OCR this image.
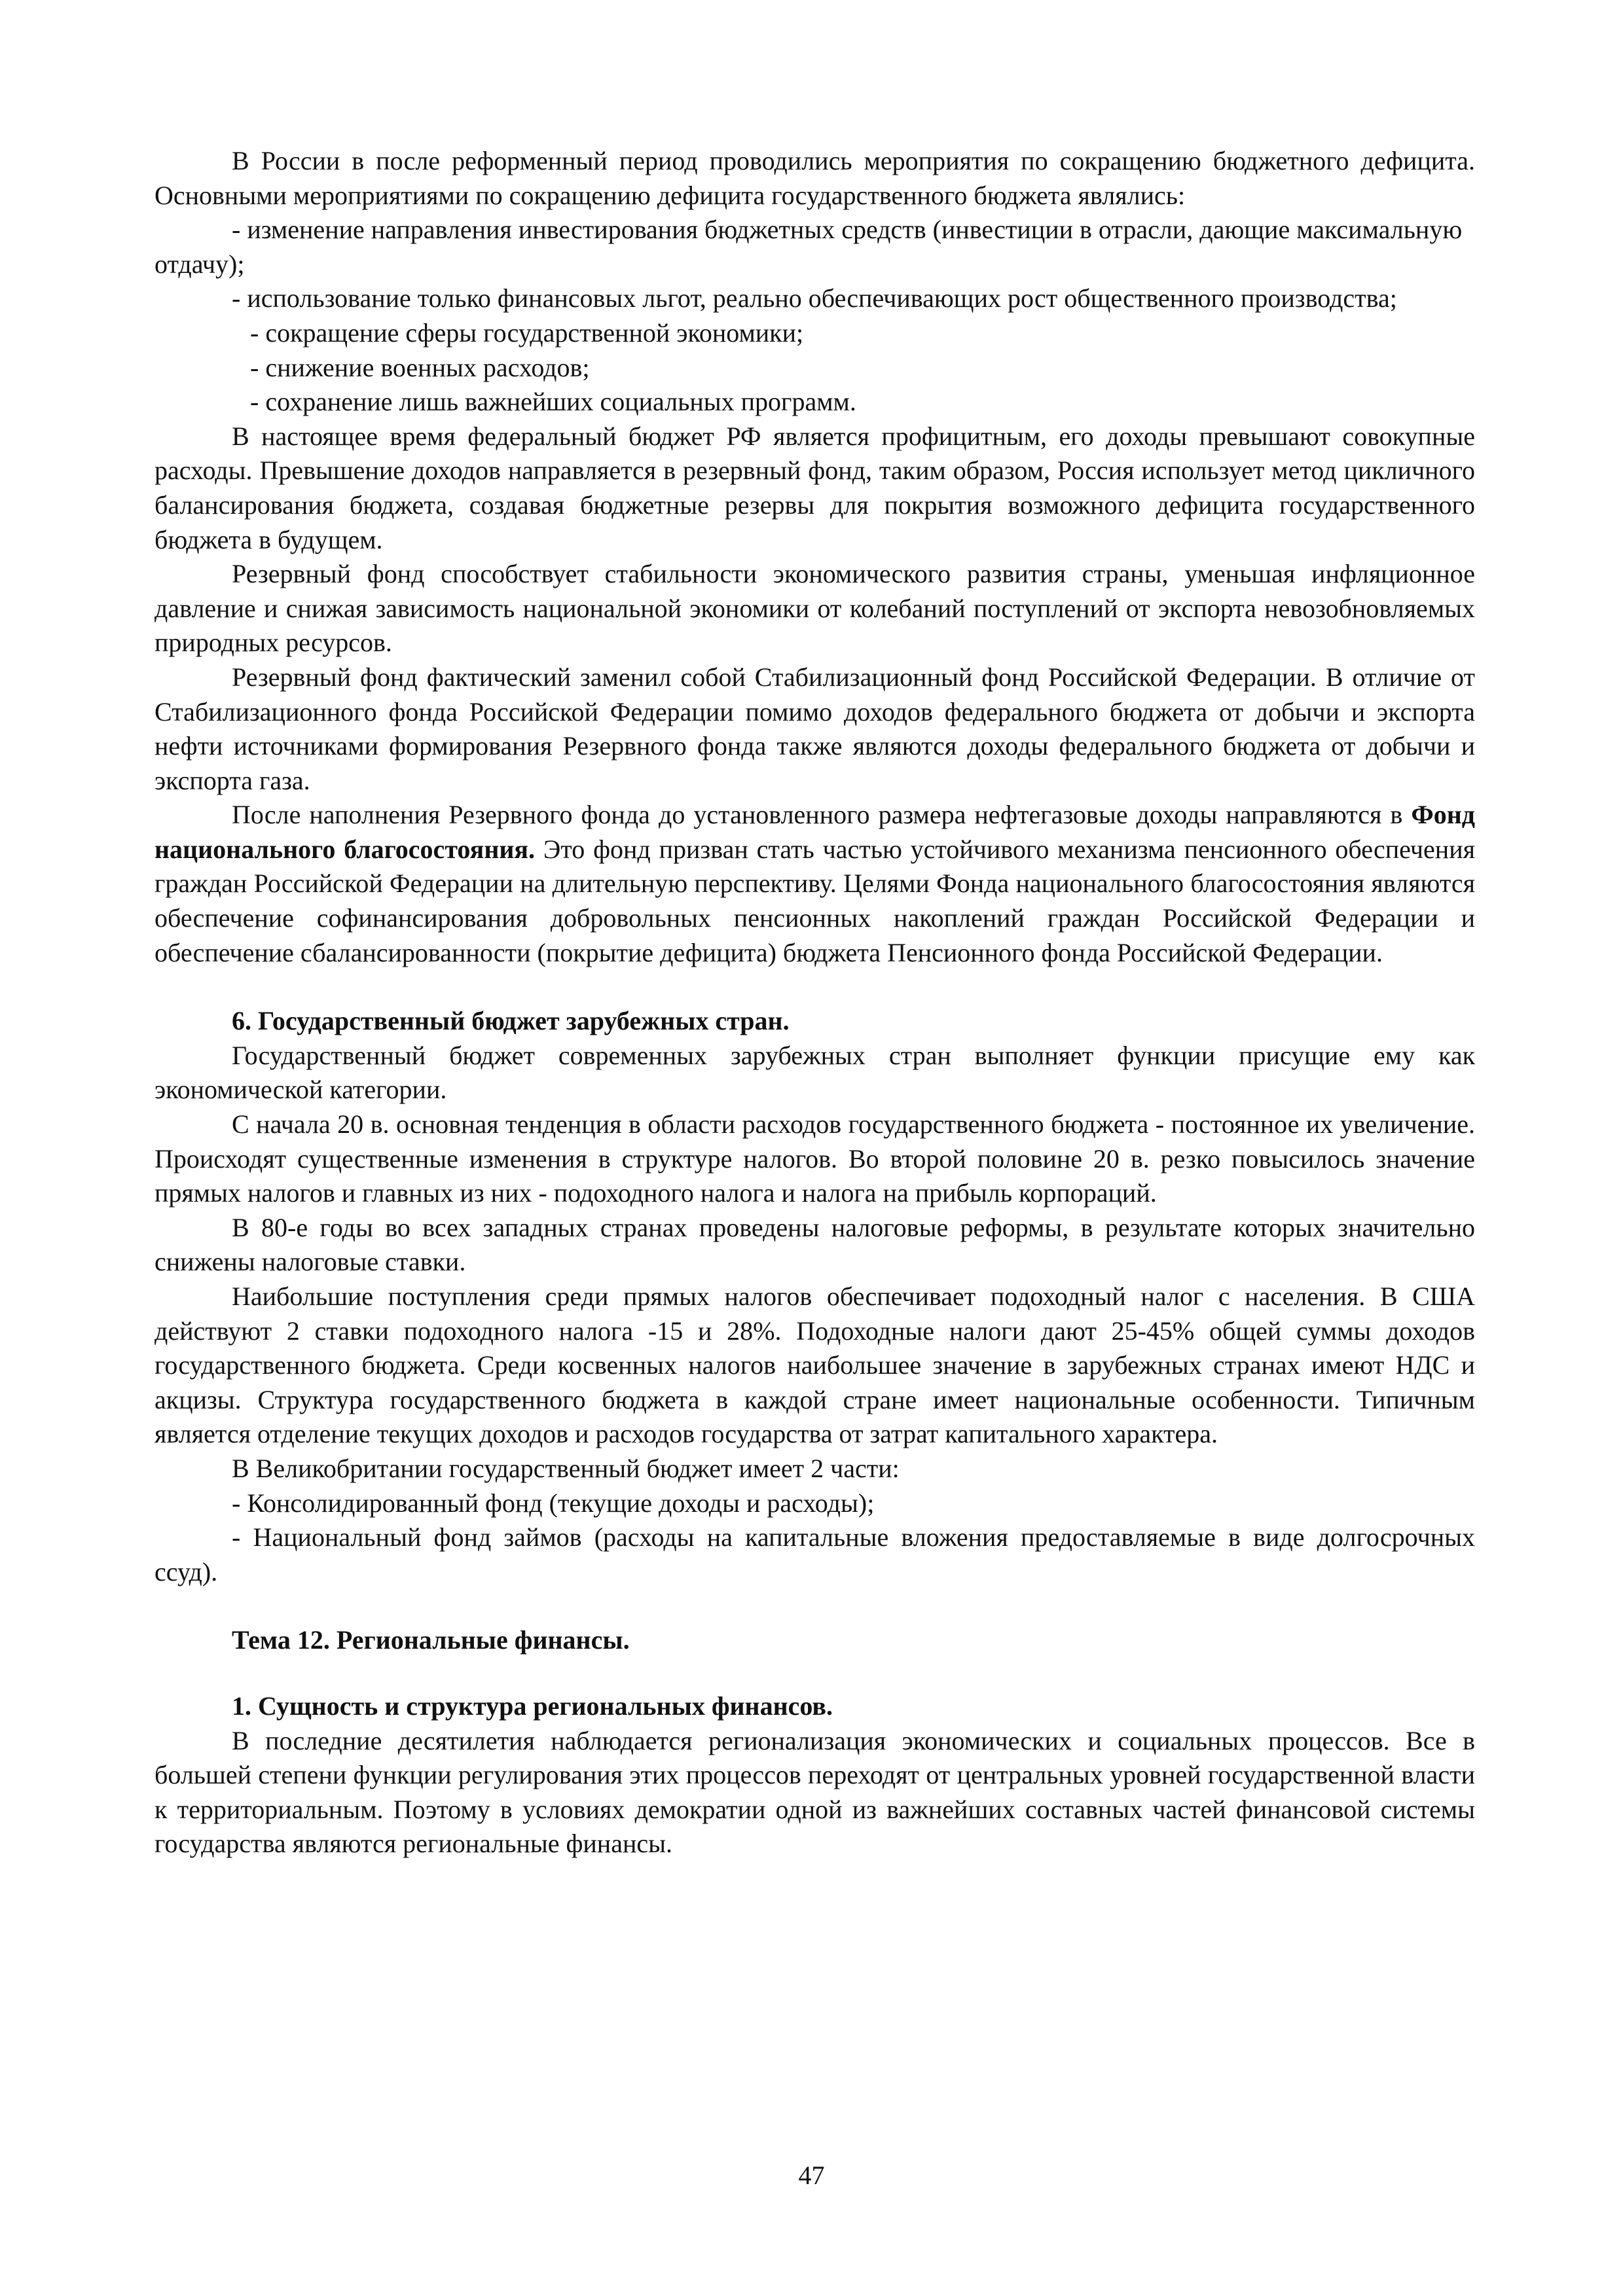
В России в после реформенный период проводились мероприятия по сокращению бюджетного дефицита. Основными мероприятиями по сокращению дефицита государственного бюджета являлись:

- изменение направления инвестирования бюджетных средств (инвестиции в отрасли, дающие максимальную отдачу);

- использование только финансовых льгот, реально обеспечивающих рост общественного производства;

- сокращение сферы государственной экономики;

- снижение военных расходов;

- сохранение лишь важнейших социальных программ.

В настоящее время федеральный бюджет РФ является профицитным, его доходы превышают совокупные расходы. Превышение доходов направляется в резервный фонд, таким образом, Россия использует метод цикличного балансирования бюджета, создавая бюджетные резервы для покрытия возможного дефицита государственного бюджета в будущем.

Резервный фонд способствует стабильности экономического развития страны, уменьшая инфляционное давление и снижая зависимость национальной экономики от колебаний поступлений от экспорта невозобновляемых природных ресурсов.

Резервный фонд фактический заменил собой Стабилизационный фонд Российской Федерации. В отличие от Стабилизационного фонда Российской Федерации помимо доходов федерального бюджета от добычи и экспорта нефти источниками формирования Резервного фонда также являются доходы федерального бюджета от добычи и экспорта газа.

После наполнения Резервного фонда до установленного размера нефтегазовые доходы направляются в Фонд национального благосостояния. Это фонд призван стать частью устойчивого механизма пенсионного обеспечения граждан Российской Федерации на длительную перспективу. Целями Фонда национального благосостояния являются обеспечение софинансирования добровольных пенсионных накоплений граждан Российской Федерации и обеспечение сбалансированности (покрытие дефицита) бюджета Пенсионного фонда Российской Федерации.

6. Государственный бюджет зарубежных стран.

Государственный бюджет современных зарубежных стран выполняет функции присущие ему как экономической категории.

С начала 20 в. основная тенденция в области расходов государственного бюджета - постоянное их увеличение. Происходят существенные изменения в структуре налогов. Во второй половине 20 в. резко повысилось значение прямых налогов и главных из них - подоходного налога и налога на прибыль корпораций.

В 80-е годы во всех западных странах проведены налоговые реформы, в результате которых значительно снижены налоговые ставки.

Наибольшие поступления среди прямых налогов обеспечивает подоходный налог с населения. В США действуют 2 ставки подоходного налога -15 и 28%. Подоходные налоги дают 25-45% общей суммы доходов государственного бюджета. Среди косвенных налогов наибольшее значение в зарубежных странах имеют НДС и акцизы. Структура государственного бюджета в каждой стране имеет национальные особенности. Типичным является отделение текущих доходов и расходов государства от затрат капитального характера.

В Великобритании государственный бюджет имеет 2 части:

- Консолидированный фонд (текущие доходы и расходы);

- Национальный фонд займов (расходы на капитальные вложения предоставляемые в виде долгосрочных ссуд).

Тема 12. Региональные финансы.
1. Сущность и структура региональных финансов.

В последние десятилетия наблюдается регионализация экономических и социальных процессов. Все в большей степени функции регулирования этих процессов переходят от центральных уровней государственной власти к территориальным. Поэтому в условиях демократии одной из важнейших составных частей финансовой системы государства являются региональные финансы.

47
